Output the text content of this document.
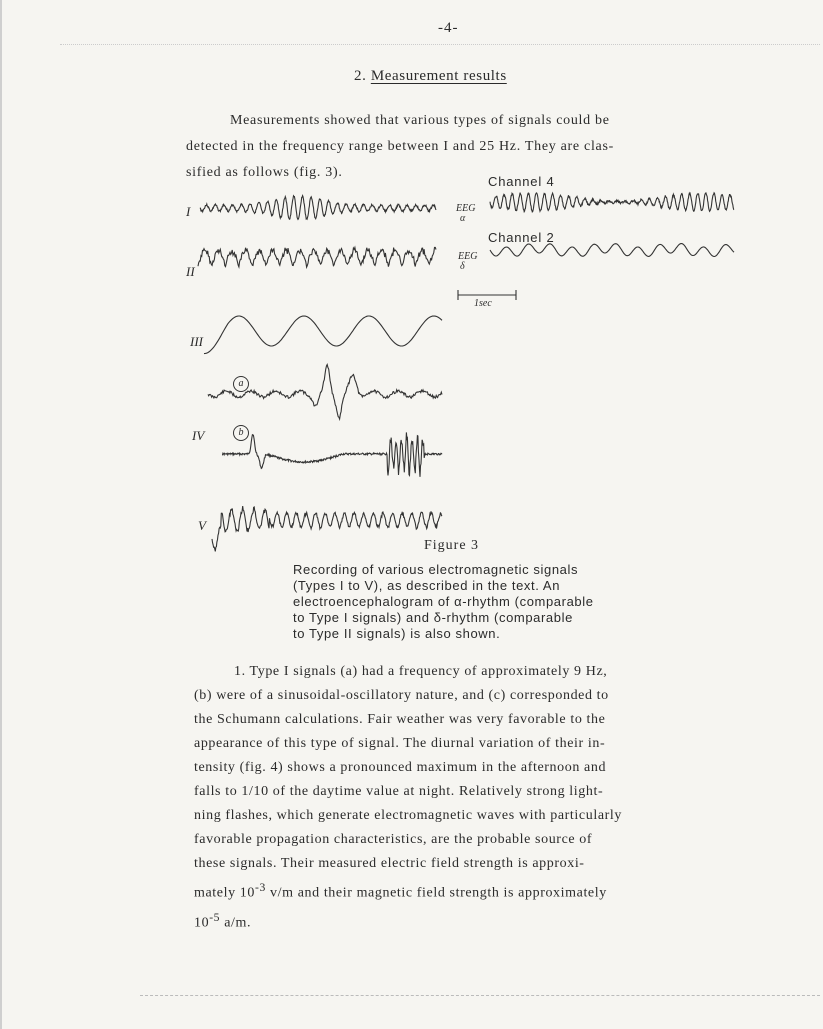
-4-
2. Measurement results

Measurements showed that various types of signals could be

detected in the frequency range between I and 25 Hz. They are clas-

sified as follows (fig. 3).

I
II
III
IV
V
a
b
Channel 4
EEG
α
Channel 2
EEG
δ
1sec
Figure 3

Recording of various electromagnetic signals

(Types I to V), as described in the text. An

electroencephalogram of α-rhythm (comparable

to Type I signals) and δ-rhythm (comparable

to Type II signals) is also shown.

1. Type I signals (a) had a frequency of approximately 9 Hz,

(b) were of a sinusoidal-oscillatory nature, and (c) corresponded to

the Schumann calculations. Fair weather was very favorable to the

appearance of this type of signal. The diurnal variation of their in-

tensity (fig. 4) shows a pronounced maximum in the afternoon and

falls to 1/10 of the daytime value at night. Relatively strong light-

ning flashes, which generate electromagnetic waves with particularly

favorable propagation characteristics, are the probable source of

these signals. Their measured electric field strength is approxi-

mately $10^{-3}$ v/m and their magnetic field strength is approximately

$10^{-5}$ a/m.
